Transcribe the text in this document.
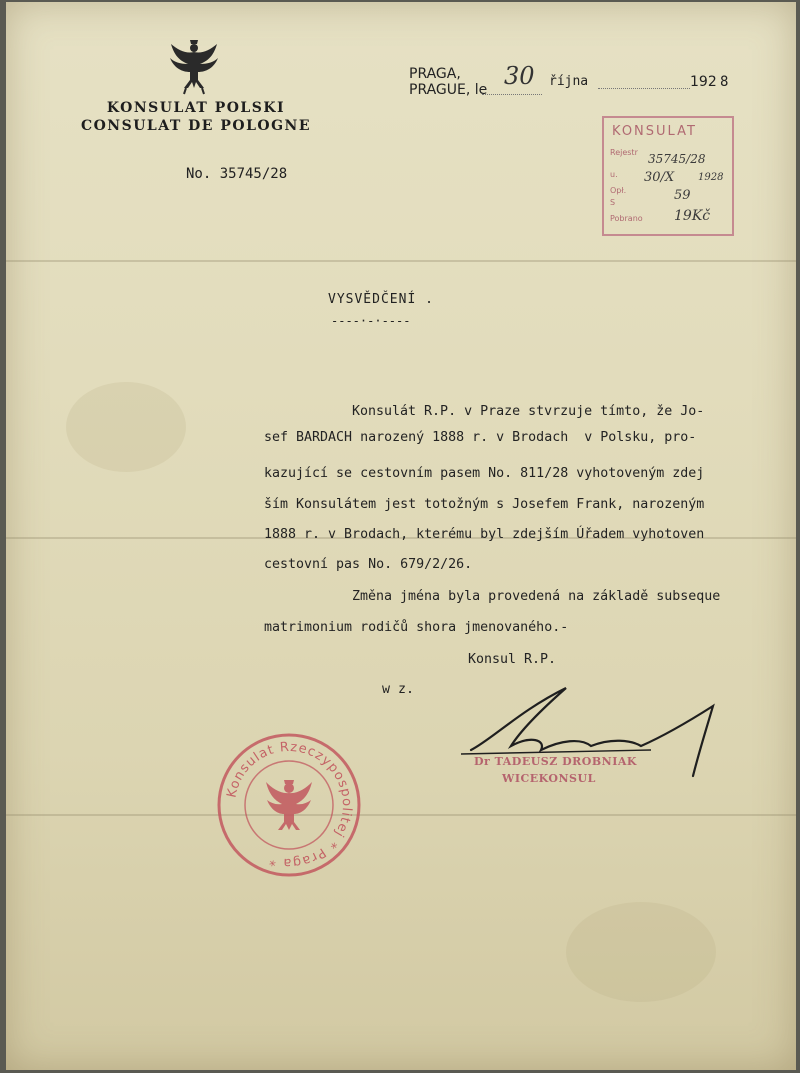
KONSULAT POLSKI
CONSULAT DE POLOGNE
No. 35745/28
PRAGA,
PRAGUE, le 30 října	192 8
KONSULAT
Rejestr
u.
Opł.
S
Pobrano
35745/28
30/X 1928
59
19Kč
VYSVĚDČENÍ .
----·-·----
Konsulát R.P. v Praze stvrzuje tímto, že Jo-
sef BARDACH narozený 1888 r. v Brodach  v Polsku, pro-
kazující se cestovním pasem No. 811/28 vyhotoveným zdej
ším Konsulátem jest totožným s Josefem Frank, narozeným
1888 r. v Brodach, kterému byl zdejším Úřadem vyhotoven
cestovní pas No. 679/2/26.
Změna jména byla provedená na základě subseque
matrimonium rodičů shora jmenovaného.-
Konsul R.P.
w z.
Dr TADEUSZ DROBNIAK
WICEKONSUL
Konsulat Rzeczypospolitej * Praga *
